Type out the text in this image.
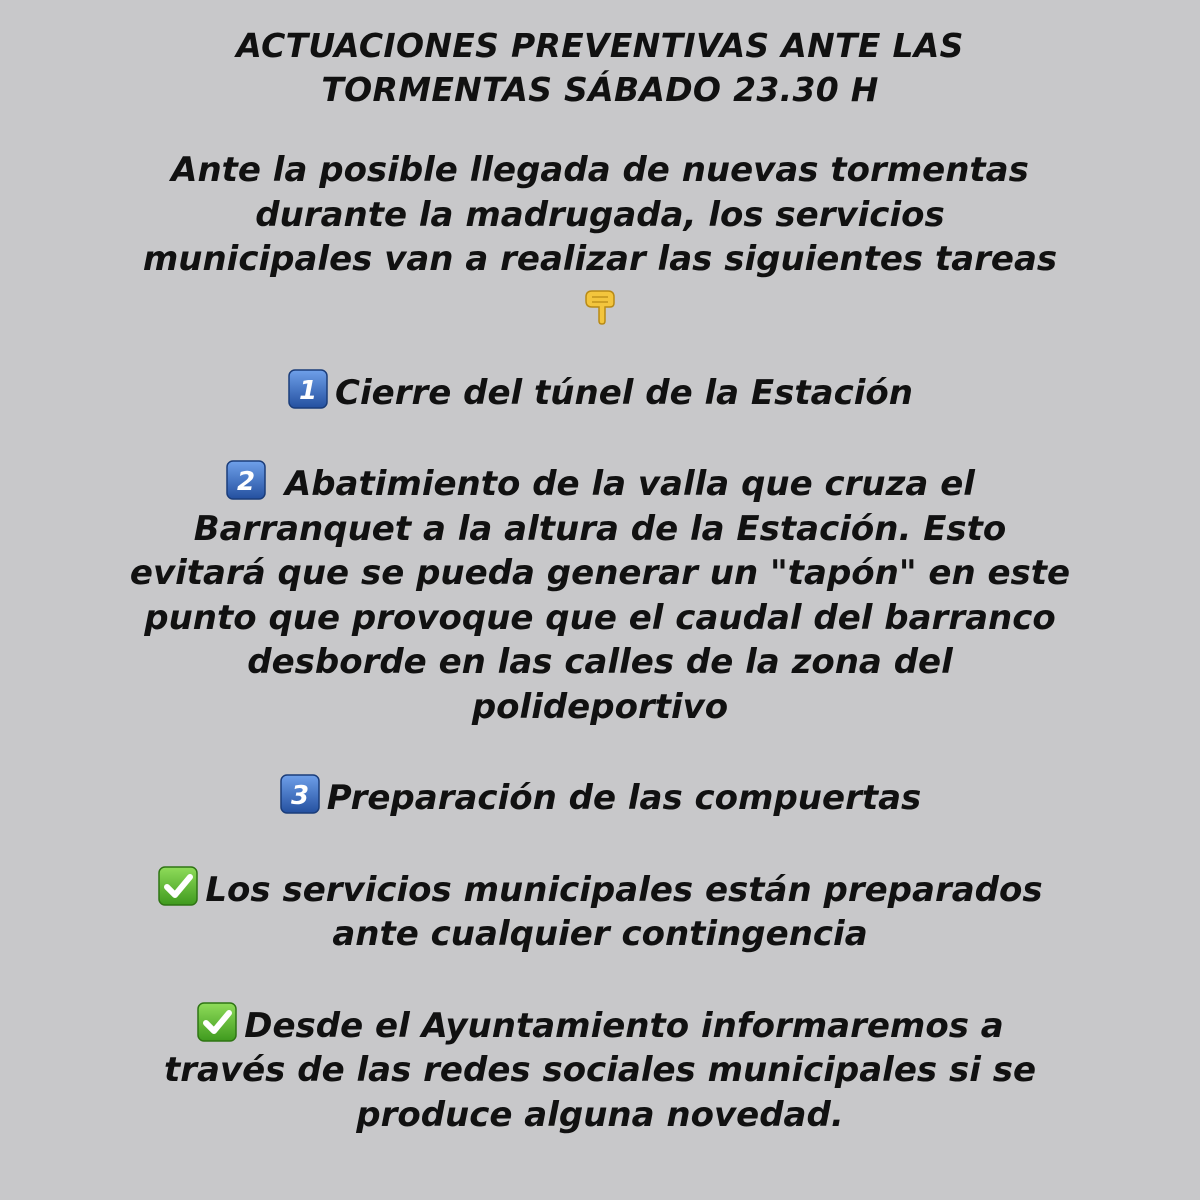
ACTUACIONES PREVENTIVAS ANTE LAS
TORMENTAS SÁBADO 23.30 H

Ante la posible llegada de nuevas tormentas
durante la madrugada, los servicios
municipales van a realizar las siguientes tareas

1 Cierre del túnel de la Estación

2 Abatimiento de la valla que cruza el
Barranquet a la altura de la Estación. Esto
evitará que se pueda generar un "tapón" en este
punto que provoque que el caudal del barranco
desborde en las calles de la zona del
polideportivo

3 Preparación de las compuertas

Los servicios municipales están preparados
ante cualquier contingencia

Desde el Ayuntamiento informaremos a
través de las redes sociales municipales si se
produce alguna novedad.
